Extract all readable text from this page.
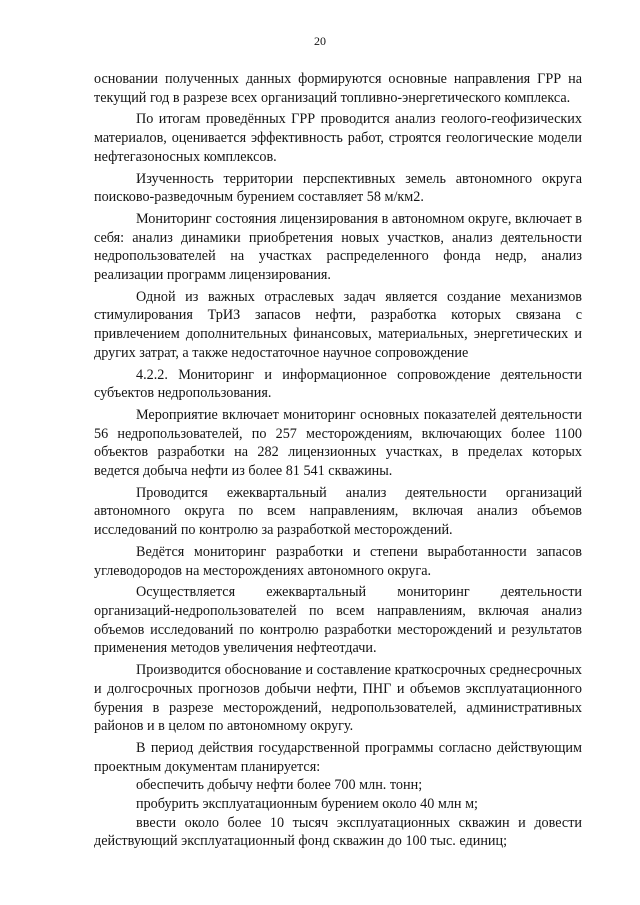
20

основании полученных данных формируются основные направления ГРР на текущий год в разрезе всех организаций топливно-энергетического комплекса.

По итогам проведённых ГРР проводится анализ геолого-геофизических материалов, оценивается эффективность работ, строятся геологические модели нефтегазоносных комплексов.

Изученность территории перспективных земель автономного округа поисково-разведочным бурением составляет 58 м/км2.

Мониторинг состояния лицензирования в автономном округе, включает в себя: анализ динамики приобретения новых участков, анализ деятельности недропользователей на участках распределенного фонда недр, анализ реализации программ лицензирования.

Одной из важных отраслевых задач является создание механизмов стимулирования ТрИЗ запасов нефти, разработка которых связана с привлечением дополнительных финансовых, материальных, энергетических и других затрат, а также недостаточное научное сопровождение

4.2.2. Мониторинг и информационное сопровождение деятельности субъектов недропользования.

Мероприятие включает мониторинг основных показателей деятельности 56 недропользователей, по 257 месторождениям, включающих более 1100 объектов разработки на 282 лицензионных участках, в пределах которых ведется добыча нефти из более 81 541 скважины.

Проводится ежеквартальный анализ деятельности организаций автономного округа по всем направлениям, включая анализ объемов исследований по контролю за разработкой месторождений.

Ведётся мониторинг разработки и степени выработанности запасов углеводородов на месторождениях автономного округа.

Осуществляется ежеквартальный мониторинг деятельности организаций-недропользователей по всем направлениям, включая анализ объемов исследований по контролю разработки месторождений и результатов применения методов увеличения нефтеотдачи.

Производится обоснование и составление краткосрочных среднесрочных и долгосрочных прогнозов добычи нефти, ПНГ и объемов эксплуатационного бурения в разрезе месторождений, недропользователей, административных районов и в целом по автономному округу.

В период действия государственной программы согласно действующим проектным документам планируется:

обеспечить добычу нефти более 700 млн. тонн;

пробурить эксплуатационным бурением около 40 млн м;

ввести около более 10 тысяч эксплуатационных скважин и довести действующий эксплуатационный фонд скважин до 100 тыс. единиц;
